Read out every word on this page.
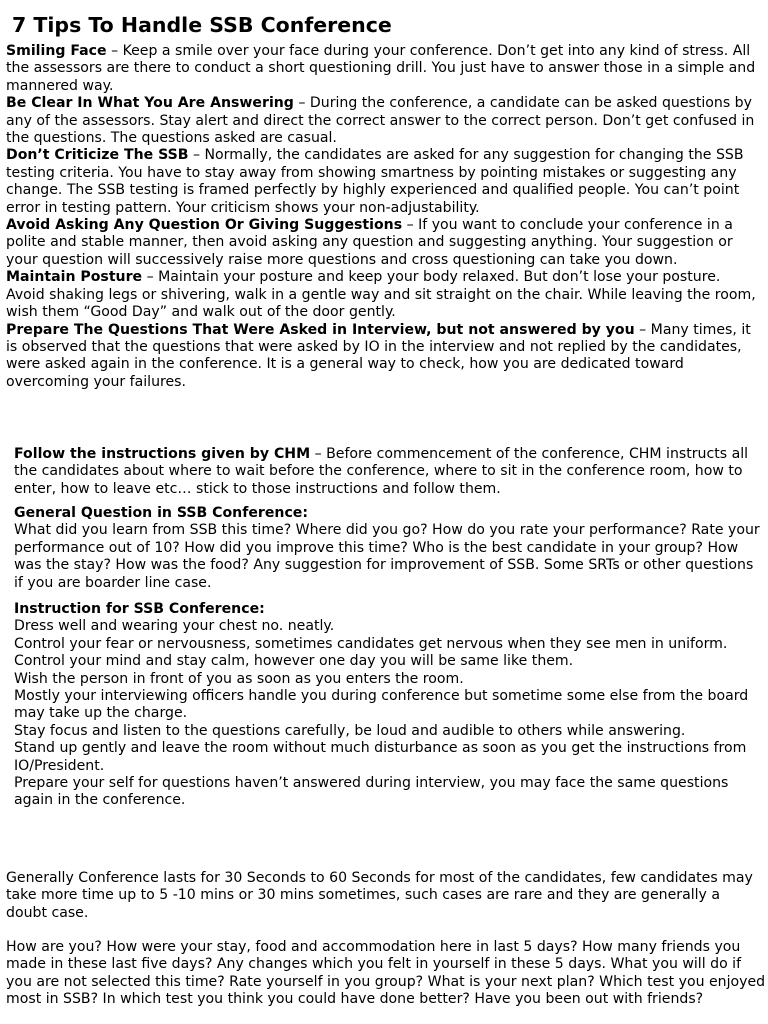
7 Tips To Handle SSB Conference

Smiling Face – Keep a smile over your face during your conference. Don’t get into any kind of stress. All the assessors are there to conduct a short questioning drill. You just have to answer those in a simple and mannered way.

Be Clear In What You Are Answering – During the conference, a candidate can be asked questions by any of the assessors. Stay alert and direct the correct answer to the correct person. Don’t get confused in the questions. The questions asked are casual.

Don’t Criticize The SSB – Normally, the candidates are asked for any suggestion for changing the SSB testing criteria. You have to stay away from showing smartness by pointing mistakes or suggesting any change. The SSB testing is framed perfectly by highly experienced and qualified people. You can’t point error in testing pattern. Your criticism shows your non-adjustability.

Avoid Asking Any Question Or Giving Suggestions – If you want to conclude your conference in a polite and stable manner, then avoid asking any question and suggesting anything. Your suggestion or your question will successively raise more questions and cross questioning can take you down.

Maintain Posture – Maintain your posture and keep your body relaxed. But don’t lose your posture. Avoid shaking legs or shivering, walk in a gentle way and sit straight on the chair. While leaving the room, wish them “Good Day” and walk out of the door gently.

Prepare The Questions That Were Asked in Interview, but not answered by you – Many times, it is observed that the questions that were asked by IO in the interview and not replied by the candidates, were asked again in the conference. It is a general way to check, how you are dedicated toward overcoming your failures.

Follow the instructions given by CHM – Before commencement of the conference, CHM instructs all the candidates about where to wait before the conference, where to sit in the conference room, how to enter, how to leave etc… stick to those instructions and follow them.

General Question in SSB Conference:

What did you learn from SSB this time? Where did you go? How do you rate your performance? Rate your performance out of 10? How did you improve this time? Who is the best candidate in your group? How was the stay? How was the food? Any suggestion for improvement of SSB. Some SRTs or other questions if you are boarder line case.

Instruction for SSB Conference:

Dress well and wearing your chest no. neatly.
Control your fear or nervousness, sometimes candidates get nervous when they see men in uniform.
Control your mind and stay calm, however one day you will be same like them.
Wish the person in front of you as soon as you enters the room.
Mostly your interviewing officers handle you during conference but sometime some else from the board may take up the charge.
Stay focus and listen to the questions carefully, be loud and audible to others while answering.
Stand up gently and leave the room without much disturbance as soon as you get the instructions from IO/President.
Prepare your self for questions haven’t answered during interview, you may face the same questions again in the conference.

Generally Conference lasts for 30 Seconds to 60 Seconds for most of the candidates, few candidates may take more time up to 5 -10 mins or 30 mins sometimes, such cases are rare and they are generally a doubt case.

How are you? How were your stay, food and accommodation here in last 5 days? How many friends you made in these last five days? Any changes which you felt in yourself in these 5 days. What you will do if you are not selected this time? Rate yourself in you group? What is your next plan? Which test you enjoyed most in SSB? In which test you think you could have done better? Have you been out with friends?
